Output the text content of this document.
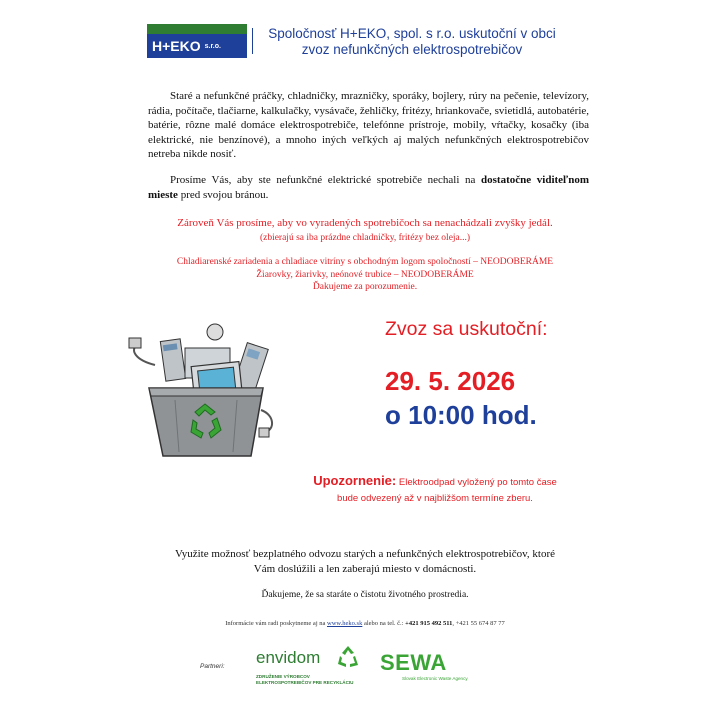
H+EKO s.r.o.
Spoločnosť H+EKO, spol. s r.o. uskutoční v obci
zvoz nefunkčných elektrospotrebičov

Staré a nefunkčné práčky, chladničky, mrazničky, sporáky, bojlery, rúry na pečenie, televízory, rádia, počítače, tlačiarne, kalkulačky, vysávače, žehličky, fritézy, hriankovače, svietidlá, autobatérie, batérie, rôzne malé domáce elektrospotrebiče, telefónne prístroje, mobily, vŕtačky, kosačky (iba elektrické, nie benzínové), a mnoho iných veľkých aj malých nefunkčných elektrospotrebičov netreba nikde nosiť.

Prosíme Vás, aby ste nefunkčné elektrické spotrebiče nechali na dostatočne viditeľnom mieste pred svojou bránou.

Zároveň Vás prosíme, aby vo vyradených spotrebičoch sa nenachádzali zvyšky jedál.
(zbierajú sa iba prázdne chladničky, fritézy bez oleja...)
Chladiarenské zariadenia a chladiace vitríny s obchodným logom spoločností – NEODOBERÁME
Žiarovky, žiarivky, neónové trubice – NEODOBERÁME
Ďakujeme za porozumenie.
Zvoz sa uskutoční:
29. 5. 2026
o 10:00 hod.
Upozornenie: Elektroodpad vyložený po tomto čase
bude odvezený až v najbližšom termíne zberu.
Využite možnosť bezplatného odvozu starých a nefunkčných elektrospotrebičov, ktoré
Vám doslúžili a len zaberajú miesto v domácnosti.
Ďakujeme, že sa staráte o čistotu životného prostredia.
Informácie vám radi poskytneme aj na www.heko.sk alebo na tel. č.: +421 915 492 511, +421 55 674 87 77
Partneri: envidom
ZDRUŽENIE VÝROBCOV
ELEKTROSPOTREBIČOV PRE RECYKLÁCIU
SEWA
Slovak Electronic Waste Agency
